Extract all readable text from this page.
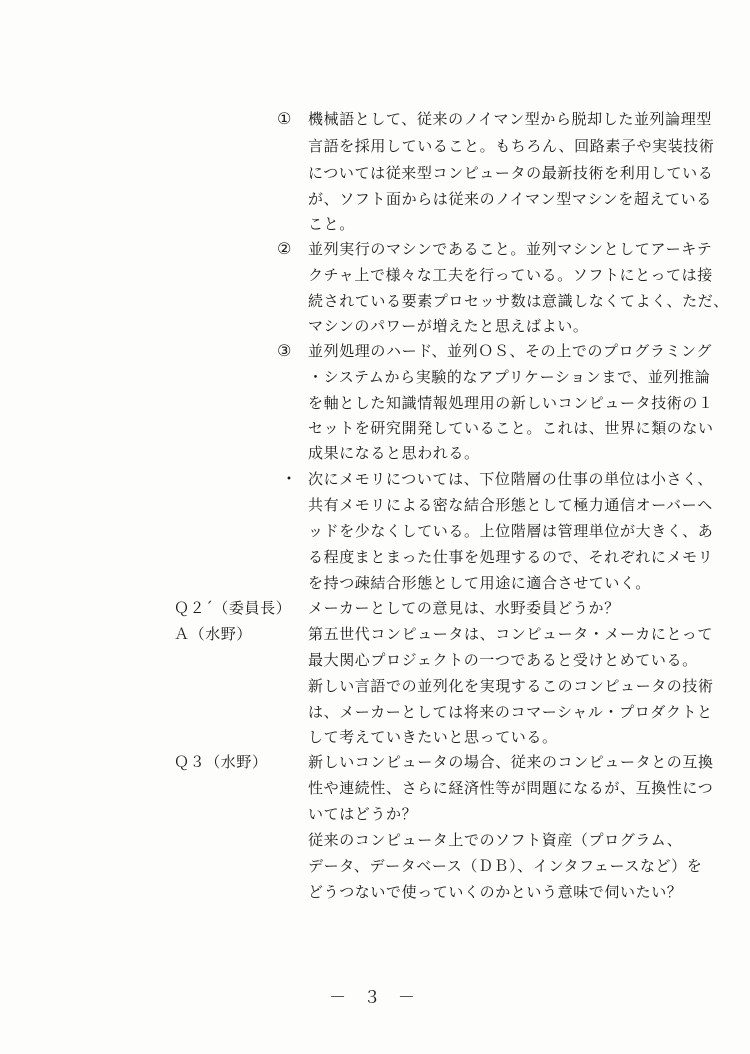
① 機械語として、従来のノイマン型から脱却した並列論理型
言語を採用していること。もちろん、回路素子や実装技術
については従来型コンピュータの最新技術を利用している
が、ソフト面からは従来のノイマン型マシンを超えている
こと。
② 並列実行のマシンであること。並列マシンとしてアーキテ
クチャ上で様々な工夫を行っている。ソフトにとっては接
続されている要素プロセッサ数は意識しなくてよく、ただ、
マシンのパワーが増えたと思えばよい。
③ 並列処理のハード、並列ＯＳ、その上でのプログラミング
・システムから実験的なアプリケーションまで、並列推論
を軸とした知識情報処理用の新しいコンピュータ技術の１
セットを研究開発していること。これは、世界に類のない
成果になると思われる。
・ 次にメモリについては、下位階層の仕事の単位は小さく、
共有メモリによる密な結合形態として極力通信オーバーヘ
ッドを少なくしている。上位階層は管理単位が大きく、あ
る程度まとまった仕事を処理するので、それぞれにメモリ
を持つ疎結合形態として用途に適合させていく。
Ｑ２´（委員長） メーカーとしての意見は、水野委員どうか？
Ａ（水野）	第五世代コンピュータは、コンピュータ・メーカにとって
最大関心プロジェクトの一つであると受けとめている。
新しい言語での並列化を実現するこのコンピュータの技術
は、メーカーとしては将来のコマーシャル・プロダクトと
して考えていきたいと思っている。
Ｑ３（水野）	新しいコンピュータの場合、従来のコンピュータとの互換
性や連続性、さらに経済性等が問題になるが、互換性につ
いてはどうか？
従来のコンピュータ上でのソフト資産（プログラム、
データ、データベース（ＤＢ）、インタフェースなど）を
どうつないで使っていくのかという意味で伺いたい？
－ ３ －
